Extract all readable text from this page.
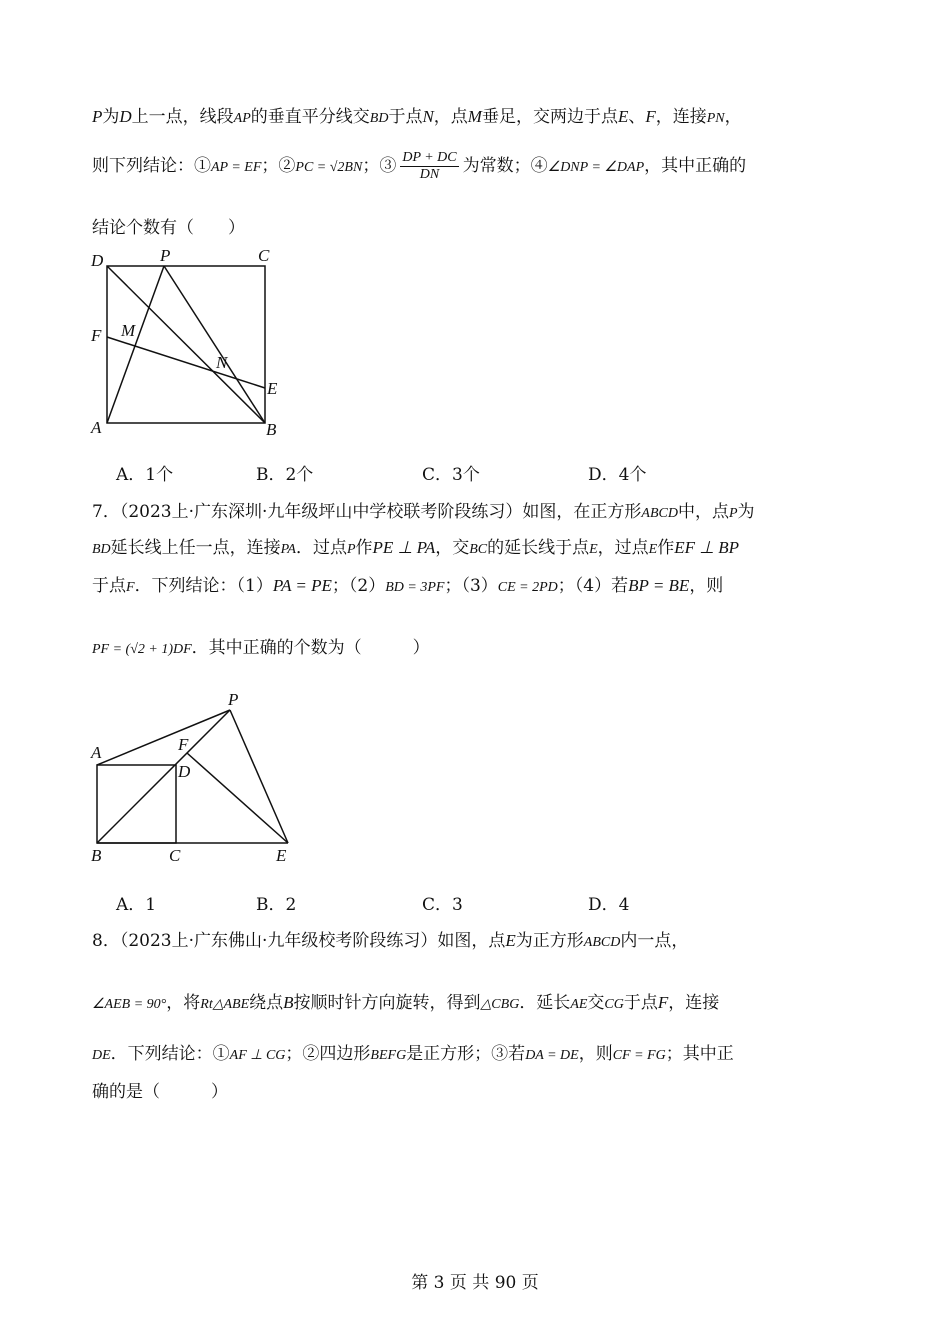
P为D上一点，线段AP的垂直平分线交BD于点N，点M垂足，交两边于点E、F，连接PN，
则下列结论：①AP = EF；②PC = √2BN；③ $\frac{DP + DC}{DN}$ 为常数；④∠DNP = ∠DAP，其中正确的
结论个数有（　　）
D	P	C
F M
N
E
A	B
A．1个	B．2个	C．3个	D．4个
7．（2023上·广东深圳·九年级坪山中学校联考阶段练习）如图，在正方形ABCD中，点P为
BD延长线上任一点，连接PA．过点P作PE ⊥ PA，交BC的延长线于点E，过点E作EF ⊥ BP
于点F．下列结论：（1）PA = PE；（2）BD = 3PF；（3）CE = 2PD；（4）若BP = BE，则
PF = (√2 + 1)DF．其中正确的个数为（　　　）
P
A	F
D
B	C	E
A．1	B．2	C．3	D．4
8．（2023上·广东佛山·九年级校考阶段练习）如图，点E为正方形ABCD内一点，
∠AEB = 90°，将Rt△ABE绕点B按顺时针方向旋转，得到△CBG．延长AE交CG于点F，连接
DE．下列结论：①AF ⊥ CG；②四边形BEFG是正方形；③若DA = DE，则CF = FG；其中正
确的是（　　　）
第 3 页 共 90 页
